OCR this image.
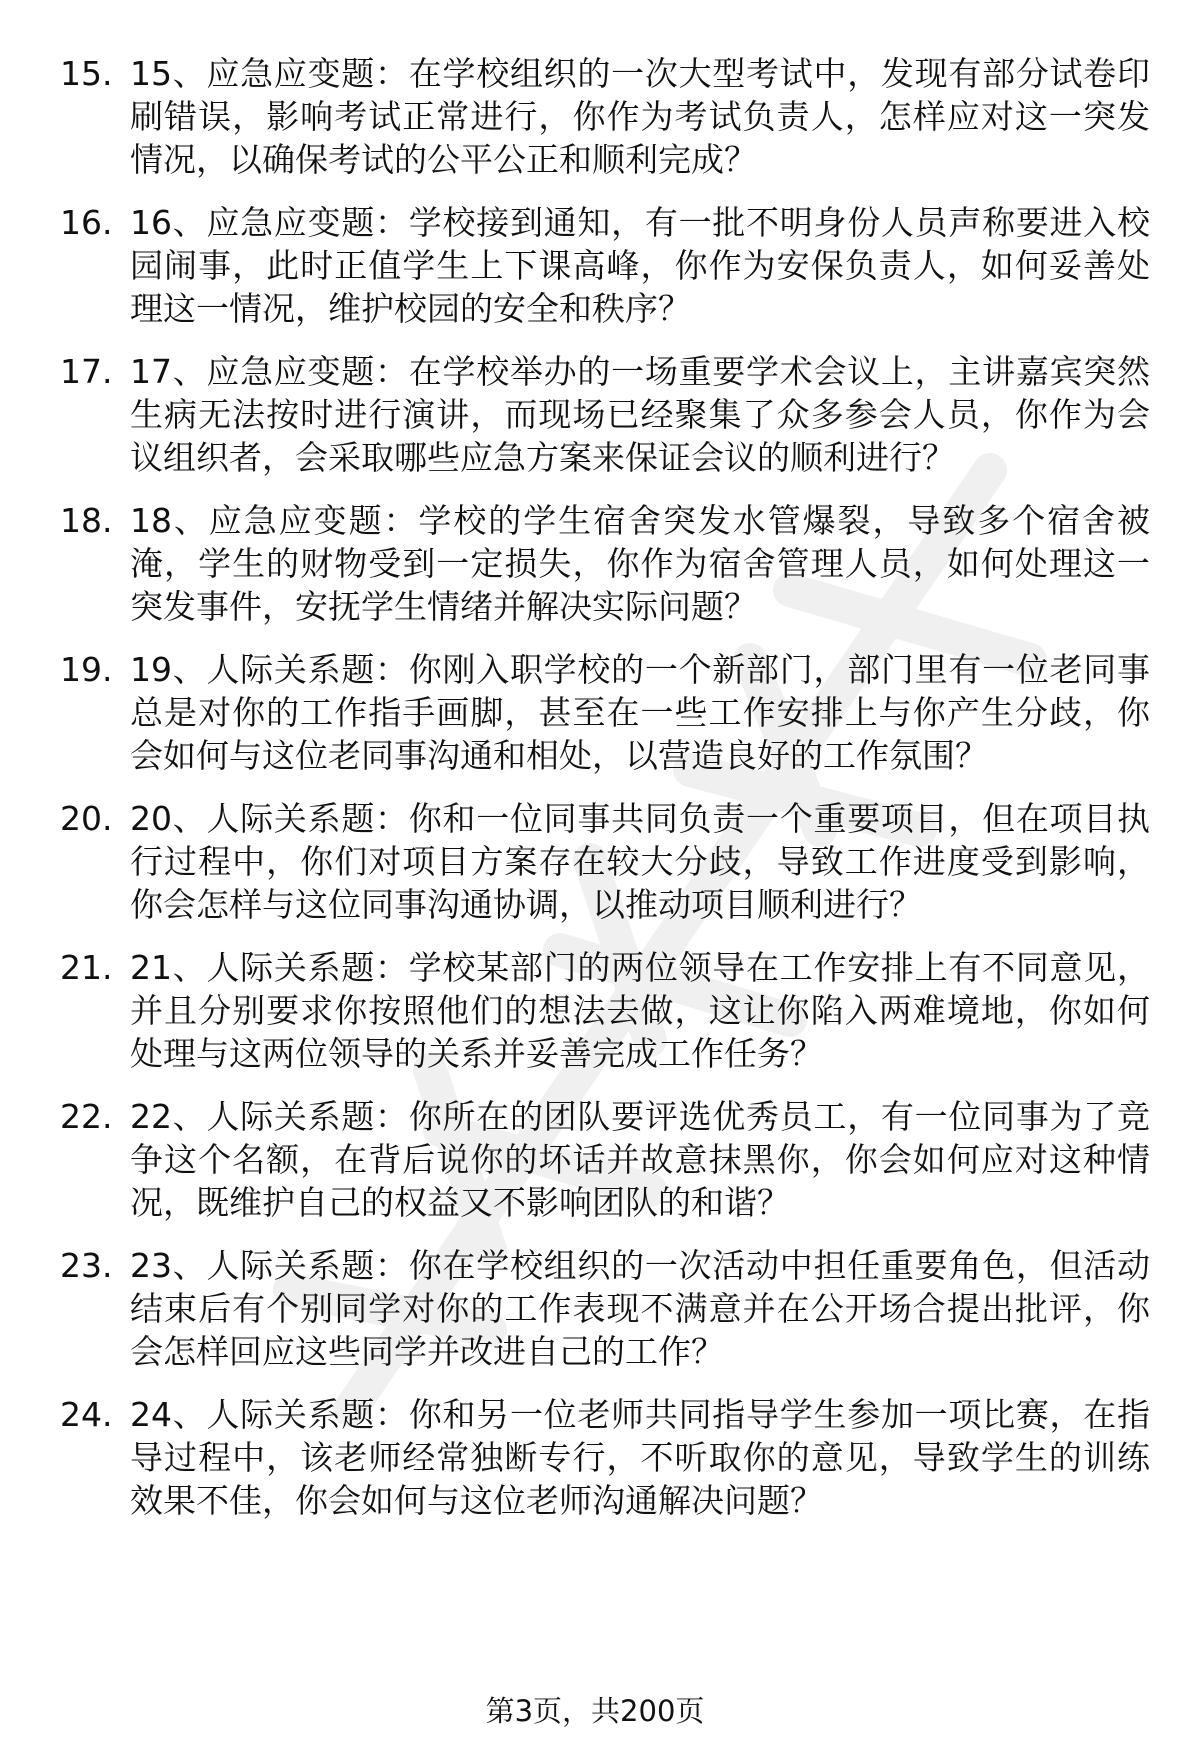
15. 15、应急应变题：在学校组织的一次大型考试中，发现有部分试卷印刷错误，影响考试正常进行，你作为考试负责人，怎样应对这一突发情况，以确保考试的公平公正和顺利完成？
16. 16、应急应变题：学校接到通知，有一批不明身份人员声称要进入校园闹事，此时正值学生上下课高峰，你作为安保负责人，如何妥善处理这一情况，维护校园的安全和秩序？
17. 17、应急应变题：在学校举办的一场重要学术会议上，主讲嘉宾突然生病无法按时进行演讲，而现场已经聚集了众多参会人员，你作为会议组织者，会采取哪些应急方案来保证会议的顺利进行？
18. 18、应急应变题：学校的学生宿舍突发水管爆裂，导致多个宿舍被淹，学生的财物受到一定损失，你作为宿舍管理人员，如何处理这一突发事件，安抚学生情绪并解决实际问题？
19. 19、人际关系题：你刚入职学校的一个新部门，部门里有一位老同事总是对你的工作指手画脚，甚至在一些工作安排上与你产生分歧，你会如何与这位老同事沟通和相处，以营造良好的工作氛围？
20. 20、人际关系题：你和一位同事共同负责一个重要项目，但在项目执行过程中，你们对项目方案存在较大分歧，导致工作进度受到影响，你会怎样与这位同事沟通协调，以推动项目顺利进行？
21. 21、人际关系题：学校某部门的两位领导在工作安排上有不同意见，并且分别要求你按照他们的想法去做，这让你陷入两难境地，你如何处理与这两位领导的关系并妥善完成工作任务？
22. 22、人际关系题：你所在的团队要评选优秀员工，有一位同事为了竞争这个名额，在背后说你的坏话并故意抹黑你，你会如何应对这种情况，既维护自己的权益又不影响团队的和谐？
23. 23、人际关系题：你在学校组织的一次活动中担任重要角色，但活动结束后有个别同学对你的工作表现不满意并在公开场合提出批评，你会怎样回应这些同学并改进自己的工作？
24. 24、人际关系题：你和另一位老师共同指导学生参加一项比赛，在指导过程中，该老师经常独断专行，不听取你的意见，导致学生的训练效果不佳，你会如何与这位老师沟通解决问题？
第3页，共200页
